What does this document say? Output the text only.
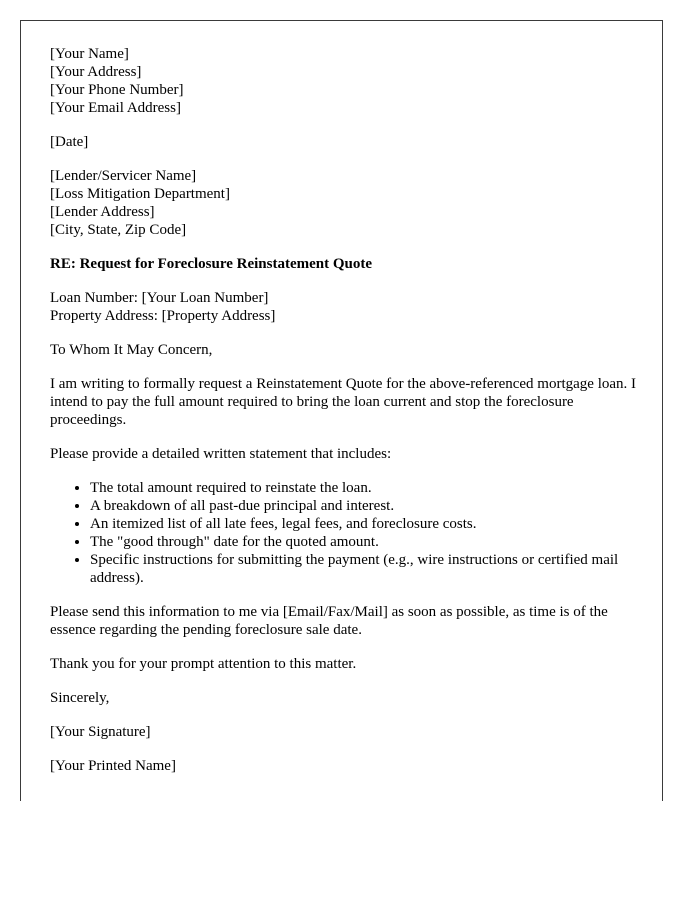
[Your Name]
[Your Address]
[Your Phone Number]
[Your Email Address]

[Date]

[Lender/Servicer Name]
[Loss Mitigation Department]
[Lender Address]
[City, State, Zip Code]

RE: Request for Foreclosure Reinstatement Quote

Loan Number: [Your Loan Number]
Property Address: [Property Address]

To Whom It May Concern,

I am writing to formally request a Reinstatement Quote for the above-referenced mortgage loan. I intend to pay the full amount required to bring the loan current and stop the foreclosure proceedings.

Please provide a detailed written statement that includes:

• The total amount required to reinstate the loan.
• A breakdown of all past-due principal and interest.
• An itemized list of all late fees, legal fees, and foreclosure costs.
• The "good through" date for the quoted amount.
• Specific instructions for submitting the payment (e.g., wire instructions or certified mail address).

Please send this information to me via [Email/Fax/Mail] as soon as possible, as time is of the essence regarding the pending foreclosure sale date.

Thank you for your prompt attention to this matter.

Sincerely,

[Your Signature]

[Your Printed Name]
